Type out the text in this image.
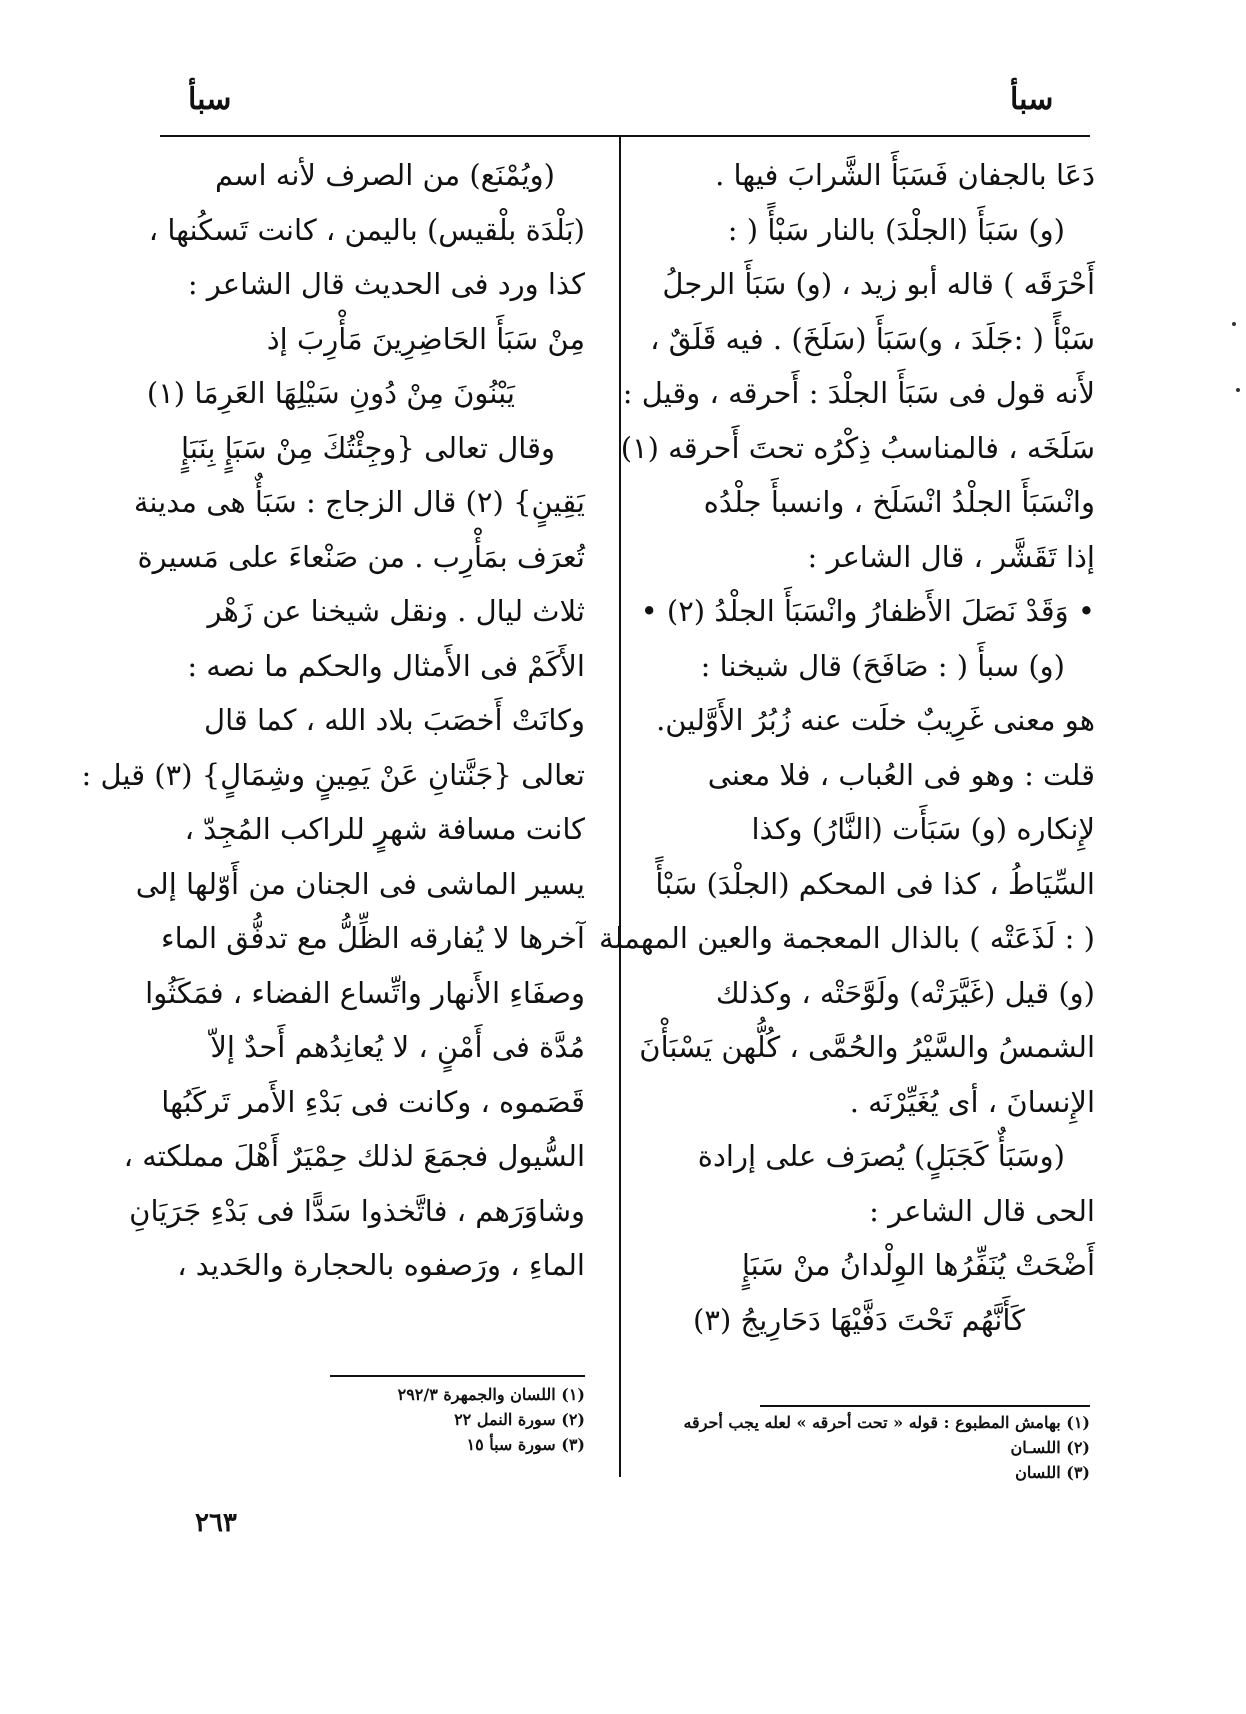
سبأ
سبأ

دَعَا بالجفان فَسَبَأَ الشَّرابَ فيها .

(و) سَبَأَ (الجلْدَ) بالنار سَبْأً ( :

أَحْرَقَه ) قاله أبو زيد ، (و) سَبَأَ الرجلُ

سَبْأً ( :جَلَدَ ، و)سَبَأَ (سَلَخَ) . فيه قَلَقٌ ،

لأَنه قول فى سَبَأَ الجلْدَ : أَحرقه ، وقيل :

سَلَخَه ، فالمناسبُ ذِكْرُه تحتَ أَحرقه (١)

وانْسَبَأَ الجلْدُ انْسَلَخ ، وانسبأَ جلْدُه

إذا تَقَشَّر ، قال الشاعر :

• وَقَدْ نَصَلَ الأَظفارُ وانْسَبَأَ الجلْدُ (٢) •

(و) سبأَ ( : صَافَحَ) قال شيخنا :

هو معنى غَرِيبٌ خلَت عنه زُبُرُ الأَوَّلين.

قلت : وهو فى العُباب ، فلا معنى

لإِنكاره (و) سَبَأَت (النَّارُ) وكذا

السِّيَاطُ ، كذا فى المحكم (الجلْدَ) سَبْأً

( : لَذَعَتْه ) بالذال المعجمة والعين المهملة

(و) قيل (غَيَّرَتْه) ولَوَّحَتْه ، وكذلك

الشمسُ والسَّيْرُ والحُمَّى ، كُلُّهن يَسْبَأْنَ

الإِنسانَ ، أى يُغَيِّرْنَه .

(وسَبَأٌ كَجَبَلٍ) يُصرَف على إرادة

الحى قال الشاعر :

أَضْحَتْ يُنَفِّرُها الوِلْدانُ منْ سَبَإٍ

كَأَنَّهُم تَحْتَ دَفَّيْهَا دَحَارِيجُ (٣)

(ويُمْنَع) من الصرف لأنه اسم

(بَلْدَة بلْقيس) باليمن ، كانت تَسكُنها ،

كذا ورد فى الحديث قال الشاعر :

مِنْ سَبَأَ الحَاضِرِينَ مَأْرِبَ إذ

يَبْنُونَ مِنْ دُونِ سَيْلِهَا العَرِمَا (١)

وقال تعالى {وجِئْتُكَ مِنْ سَبَإٍ بِنَبَإٍ

يَقِينٍ} (٢) قال الزجاج : سَبَأٌ هى مدينة

تُعرَف بمَأْرِب . من صَنْعاءَ على مَسيرة

ثلاث ليال . ونقل شيخنا عن زَهْر

الأَكَمْ فى الأَمثال والحكم ما نصه :

وكانَتْ أَخصَبَ بلاد الله ، كما قال

تعالى {جَنَّتانِ عَنْ يَمِينٍ وشِمَالٍ} (٣) قيل :

كانت مسافة شهرٍ للراكب المُجِدّ ،

يسير الماشى فى الجنان من أَوّلها إلى

آخرها لا يُفارقه الظِّلُّ مع تدفُّق الماء

وصفَاءِ الأَنهار واتِّساع الفضاء ، فمَكَثُوا

مُدَّة فى أَمْنٍ ، لا يُعانِدُهم أَحدٌ إلاّ

قَصَموه ، وكانت فى بَدْءِ الأَمر تَركَبُها

السُّيول فجمَعَ لذلك حِمْيَرٌ أَهْلَ مملكته ،

وشاوَرَهم ، فاتَّخذوا سَدًّا فى بَدْءِ جَرَيَانِ

الماءِ ، ورَصفوه بالحجارة والحَديد ،

(١) بهامش المطبوع : قوله « تحت أحرقه » لعله يجب أحرقه

(٢) اللسـان

(٣) اللسان

(١) اللسان والجمهرة ٢٩٢/٣

(٢) سورة النمل ٢٢

(٣) سورة سبأ ١٥

٢٦٣
